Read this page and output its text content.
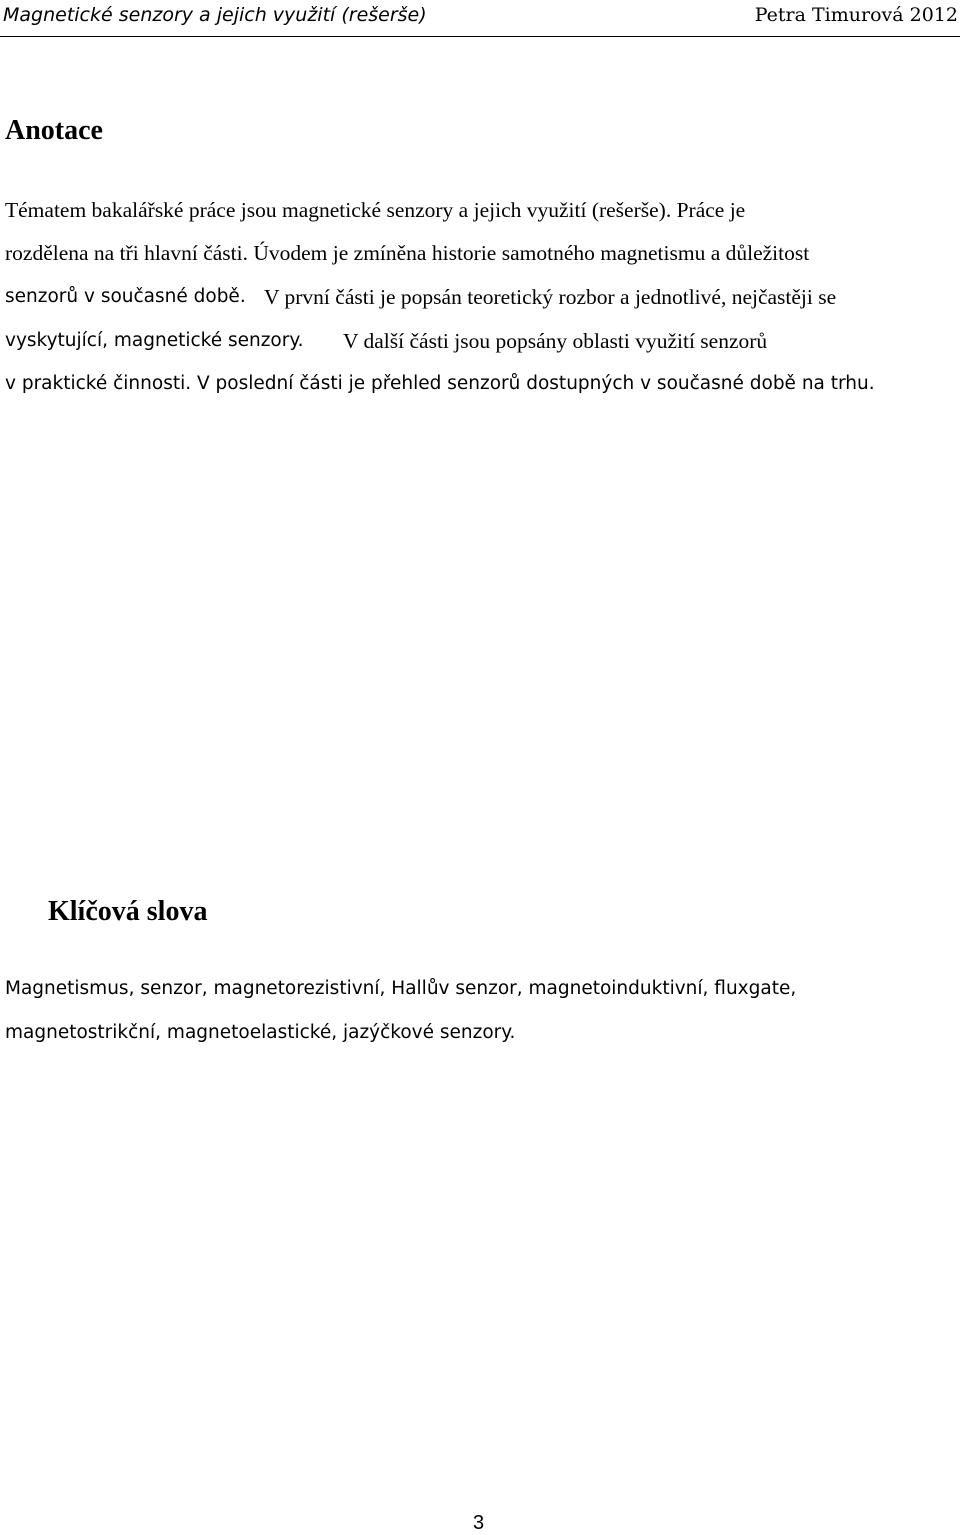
Magnetické senzory a jejich využití (rešerše)	Petra Timurová 2012
Anotace
Tématem bakalářské práce jsou magnetické senzory a jejich využití (rešerše). Práce je
rozdělena na tři hlavní části. Úvodem je zmíněna historie samotného magnetismu a důležitost
senzorů v současné době. V první části je popsán teoretický rozbor a jednotlivé, nejčastěji se
vyskytující, magnetické senzory. V další části jsou popsány oblasti využití senzorů
v praktické činnosti. V poslední části je přehled senzorů dostupných v současné době na trhu.
Klíčová slova
Magnetismus, senzor, magnetorezistivní, Hallův senzor, magnetoinduktivní, fluxgate,
magnetostrikční, magnetoelastické, jazýčkové senzory.
3
